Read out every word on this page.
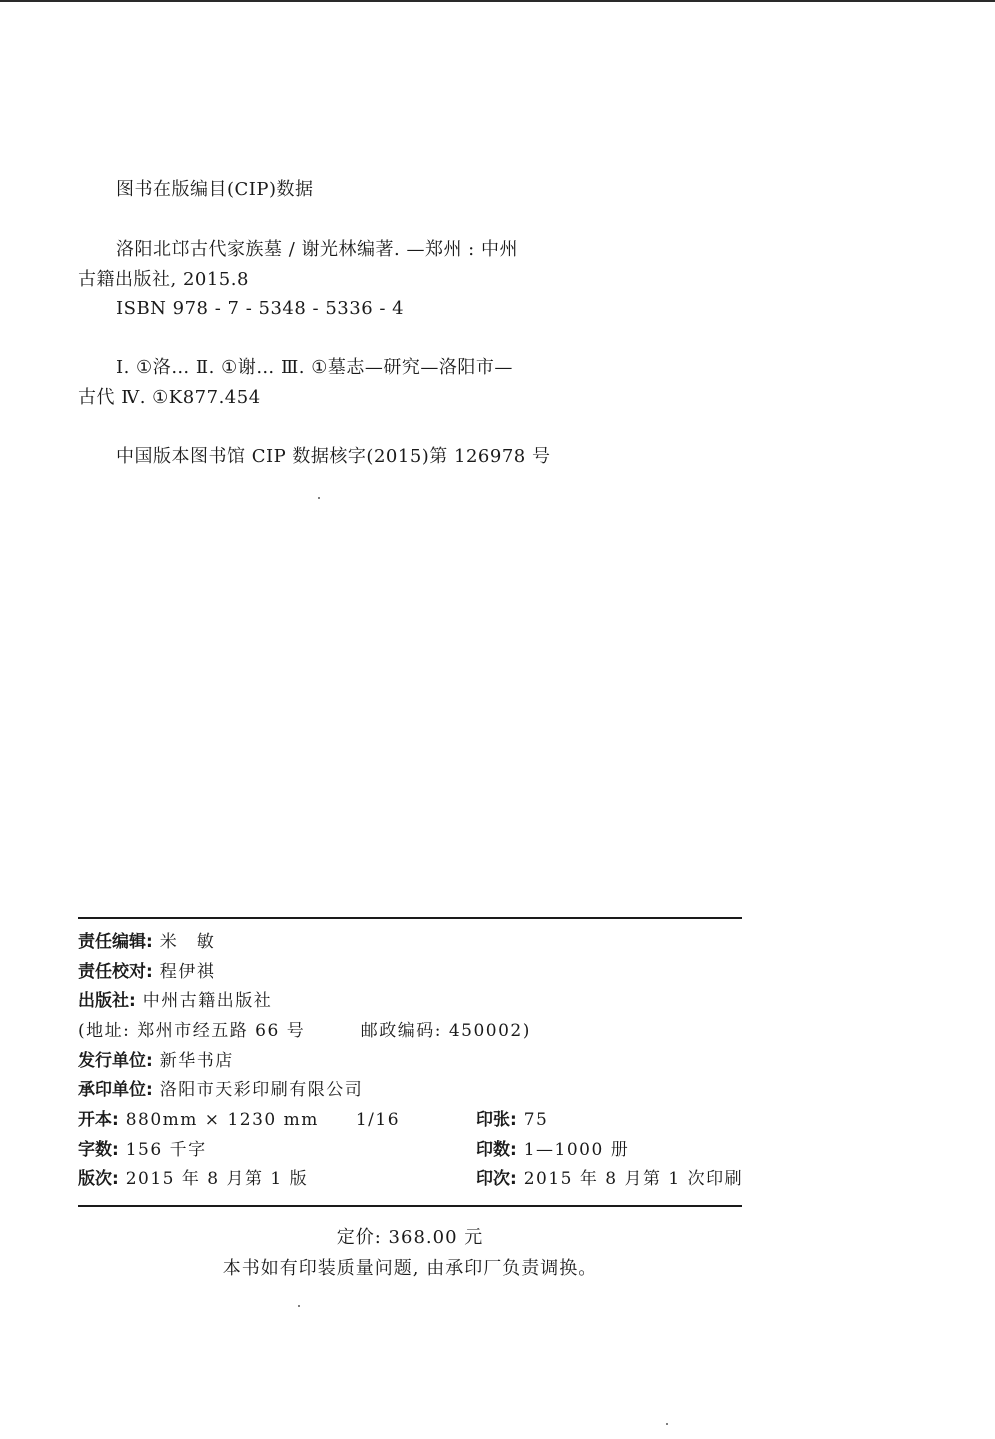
图书在版编目(CIP)数据
洛阳北邙古代家族墓 / 谢光林编著. —郑州 : 中州
古籍出版社, 2015.8
ISBN 978 - 7 - 5348 - 5336 - 4
Ⅰ. ①洛… Ⅱ. ①谢… Ⅲ. ①墓志—研究—洛阳市—
古代 Ⅳ. ①K877.454
中国版本图书馆 CIP 数据核字(2015)第 126978 号
责任编辑: 米　敏
责任校对: 程伊祺
出版社: 中州古籍出版社
(地址: 郑州市经五路 66 号　　　邮政编码: 450002)
发行单位: 新华书店
承印单位: 洛阳市天彩印刷有限公司
开本: 880mm × 1230 mm　　1/16	印张: 75
字数: 156 千字	印数: 1—1000 册
版次: 2015 年 8 月第 1 版	印次: 2015 年 8 月第 1 次印刷
定价: 368.00 元
本书如有印装质量问题, 由承印厂负责调换。
